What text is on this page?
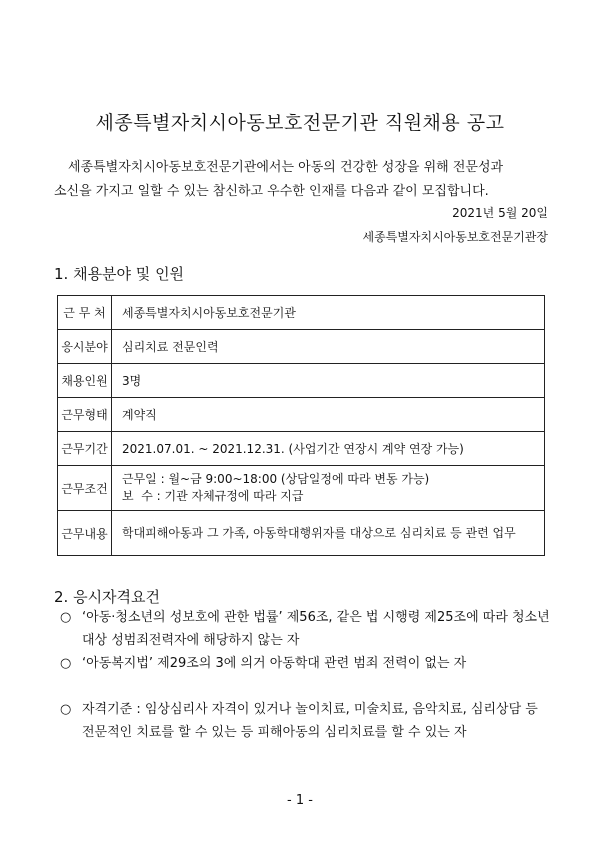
세종특별자치시아동보호전문기관 직원채용 공고

세종특별자치시아동보호전문기관에서는 아동의 건강한 성장을 위해 전문성과
소신을 가지고 일할 수 있는 참신하고 우수한 인재를 다음과 같이 모집합니다.

2021년 5월 20일

세종특별자치시아동보호전문기관장

1. 채용분야 및 인원
근 무 처	세종특별자치시아동보호전문기관
응시분야	심리치료 전문인력
채용인원	3명
근무형태	계약직
근무기간	2021.07.01. ~ 2021.12.31. (사업기간 연장시 계약 연장 가능)
근무조건	근무일 : 월~금 9:00~18:00 (상담일정에 따라 변동 가능)
보  수 : 기관 자체규정에 따라 지급

근무내용	학대피해아동과 그 가족, 아동학대행위자를 대상으로 심리치료 등 관련 업무
2. 응시자격요건
○ ‘아동·청소년의 성보호에 관한 법률’ 제56조, 같은 법 시행령 제25조에 따라 청소년대상 성범죄전력자에 해당하지 않는 자
○ ‘아동복지법’ 제29조의 3에 의거 아동학대 관련 범죄 전력이 없는 자
○ 자격기준 : 임상심리사 자격이 있거나 놀이치료, 미술치료, 음악치료, 심리상담 등 전문적인 치료를 할 수 있는 등 피해아동의 심리치료를 할 수 있는 자

- 1 -
